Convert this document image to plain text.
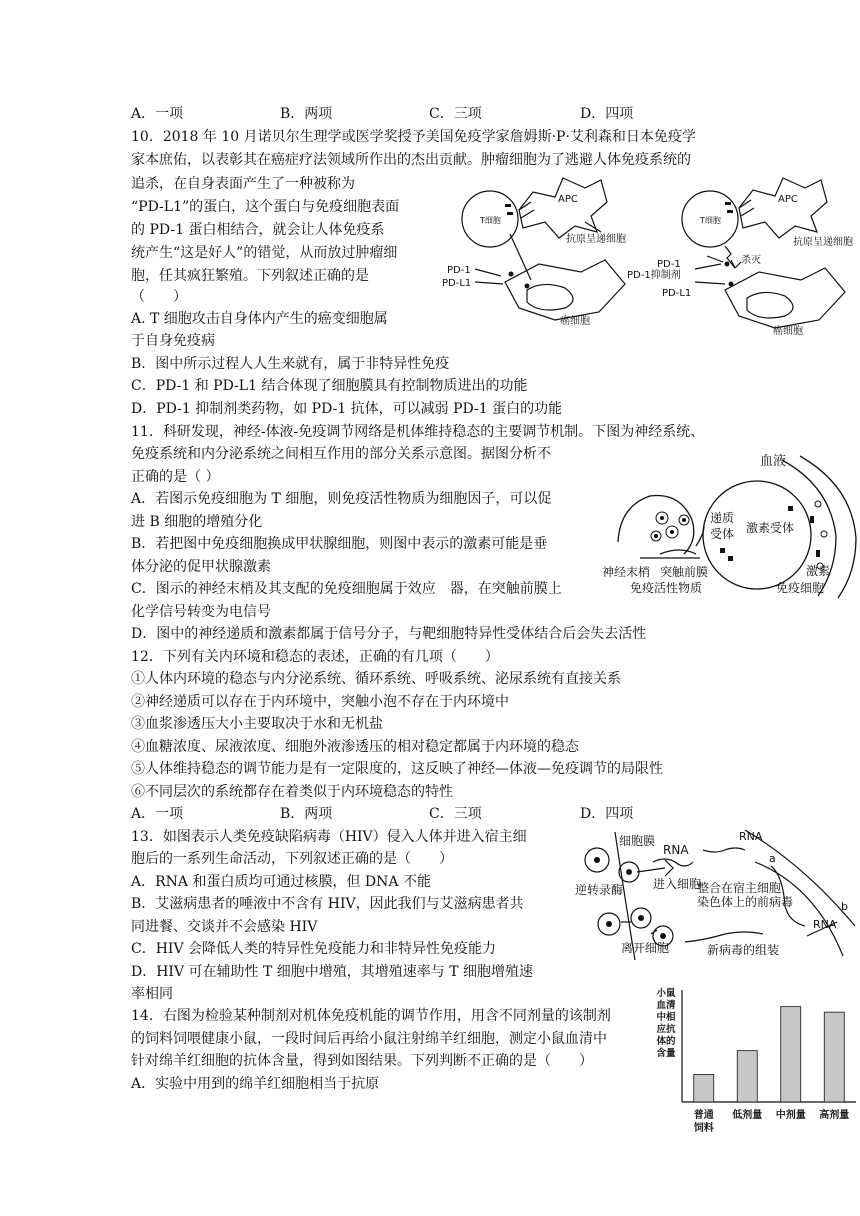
A．一项	B．两项	C．三项	D．四项
10．2018 年 10 月诺贝尔生理学或医学奖授予美国免疫学家詹姆斯·P·艾利森和日本免疫学
家本庶佑，以表彰其在癌症疗法领域所作出的杰出贡献。肿瘤细胞为了逃避人体免疫系统的
追杀，在自身表面产生了一种被称为
“PD-L1”的蛋白，这个蛋白与免疫细胞表面
的 PD-1 蛋白相结合，就会让人体免疫系
统产生“这是好人”的错觉，从而放过肿瘤细
胞，任其疯狂繁殖。下列叙述正确的是
（　　）
A. T 细胞攻击自身体内产生的癌变细胞属
于自身免疫病
B．图中所示过程人人生来就有，属于非特异性免疫
C．PD-1 和 PD-L1 结合体现了细胞膜具有控制物质进出的功能
D．PD-1 抑制剂类药物，如 PD-1 抗体，可以减弱 PD-1 蛋白的功能
APC
T细胞
抗原呈递细胞
PD-1
PD-L1
癌细胞
APC
T细胞
抗原呈递细胞
PD-1
PD-1抑制剂
杀灭
PD-L1
癌细胞
11．科研发现，神经-体液-免疫调节网络是机体维持稳态的主要调节机制。下图为神经系统、
免疫系统和内分泌系统之间相互作用的部分关系示意图。据图分析不
正确的是（ ）
A．若图示免疫细胞为 T 细胞，则免疫活性物质为细胞因子，可以促
进 B 细胞的增殖分化
B．若把图中免疫细胞换成甲状腺细胞，则图中表示的激素可能是垂
体分泌的促甲状腺激素
C．图示的神经末梢及其支配的免疫细胞属于效应　器，在突触前膜上
化学信号转变为电信号
D．图中的神经递质和激素都属于信号分子，与靶细胞特异性受体结合后会失去活性
血液
递质
受体 激素受体
激素
神经末梢 突触前膜
免疫活性物质	免疫细胞
12．下列有关内环境和稳态的表述，正确的有几项（　　）
①人体内环境的稳态与内分泌系统、循环系统、呼吸系统、泌尿系统有直接关系
②神经递质可以存在于内环境中，突触小泡不存在于内环境中
③血浆渗透压大小主要取决于水和无机盐
④血糖浓度、尿液浓度、细胞外液渗透压的相对稳定都属于内环境的稳态
⑤人体维持稳态的调节能力是有一定限度的，这反映了神经—体液—免疫调节的局限性
⑥不同层次的系统都存在着类似于内环境稳态的特性
A．一项	B．两项	C．三项	D．四项
13．如图表示人类免疫缺陷病毒（HIV）侵入人体并进入宿主细
胞后的一系列生命活动，下列叙述正确的是（　　）
A．RNA 和蛋白质均可通过核膜，但 DNA 不能
B．艾滋病患者的唾液中不含有 HIV，因此我们与艾滋病患者共
同进餐、交谈并不会感染 HIV
C．HIV 会降低人类的特异性免疫能力和非特异性免疫能力
D．HIV 可在辅助性 T 细胞中增殖，其增殖速率与 T 细胞增殖速
率相同
细胞膜
RNA
RNA
a
b
逆转录酶 进入细胞
整合在宿主细胞
染色体上的前病毒
RNA
离开细胞	新病毒的组装
14．右图为检验某种制剂对机体免疫机能的调节作用，用含不同剂量的该制剂
的饲料饲喂健康小鼠，一段时间后再给小鼠注射绵羊红细胞，测定小鼠血清中
针对绵羊红细胞的抗体含量，得到如图结果。下列判断不正确的是（　　）
A．实验中用到的绵羊红细胞相当于抗原
小鼠
血清
中相
应抗
体的
含量
普通
饲料
低剂量 中剂量 高剂量
